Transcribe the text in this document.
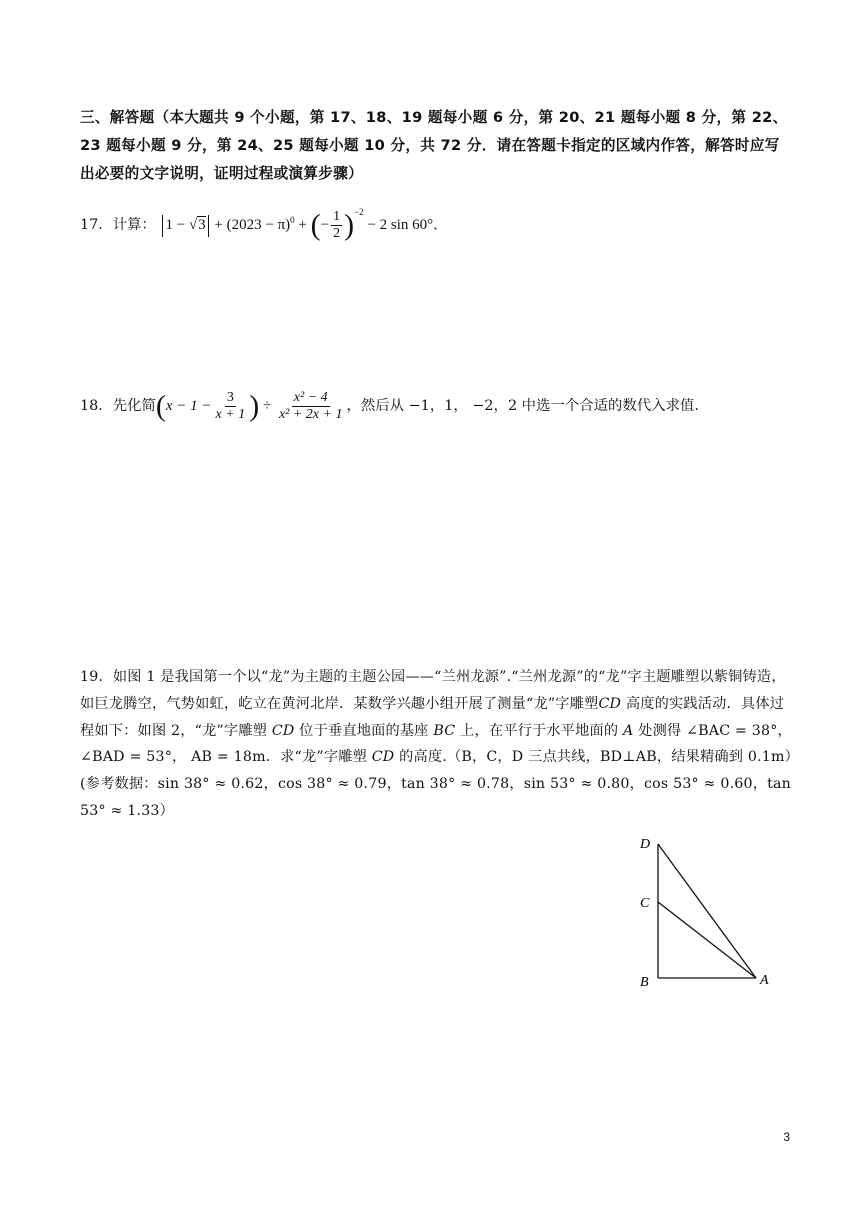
三、解答题（本大题共 9 个小题，第 17、18、19 题每小题 6 分，第 20、21 题每小题 8 分，第 22、23 题每小题 9 分，第 24、25 题每小题 10 分，共 72 分．请在答题卡指定的区域内作答，解答时应写出必要的文字说明，证明过程或演算步骤）
17．计算： $1 - √3 + (2023 - \pi)^0$ + (− $\frac{1}{2} )^{-2} - 2$ sin 60°．
18．先化简($x - 1 - \frac{3}{x + 1}$ ) ÷ $\frac{\text{x² − 4}}{\text{x² + 2x + 1}}$ ，然后从 −1，1， −2，2 中选一个合适的数代入求值.
19．如图 1 是我国第一个以“龙”为主题的主题公园——“兰州龙源”.“兰州龙源”的“龙”字主题雕塑以紫铜铸造，如巨龙腾空，气势如虹，屹立在黄河北岸．某数学兴趣小组开展了测量“龙”字雕塑CD 高度的实践活动．具体过程如下：如图 2，“龙”字雕塑 CD 位于垂直地面的基座 BC 上，在平行于水平地面的 A 处测得 ∠BAC = 38°， ∠BAD = 53°， AB = 18m．求“龙”字雕塑 CD 的高度.（B，C，D 三点共线，BD⊥AB，结果精确到 0.1m）(参考数据：sin 38° ≈ 0.62，cos 38° ≈ 0.79，tan 38° ≈ 0.78，sin 53° ≈ 0.80，cos 53° ≈ 0.60，tan 53° ≈ 1.33）
D
C
B	A
3
